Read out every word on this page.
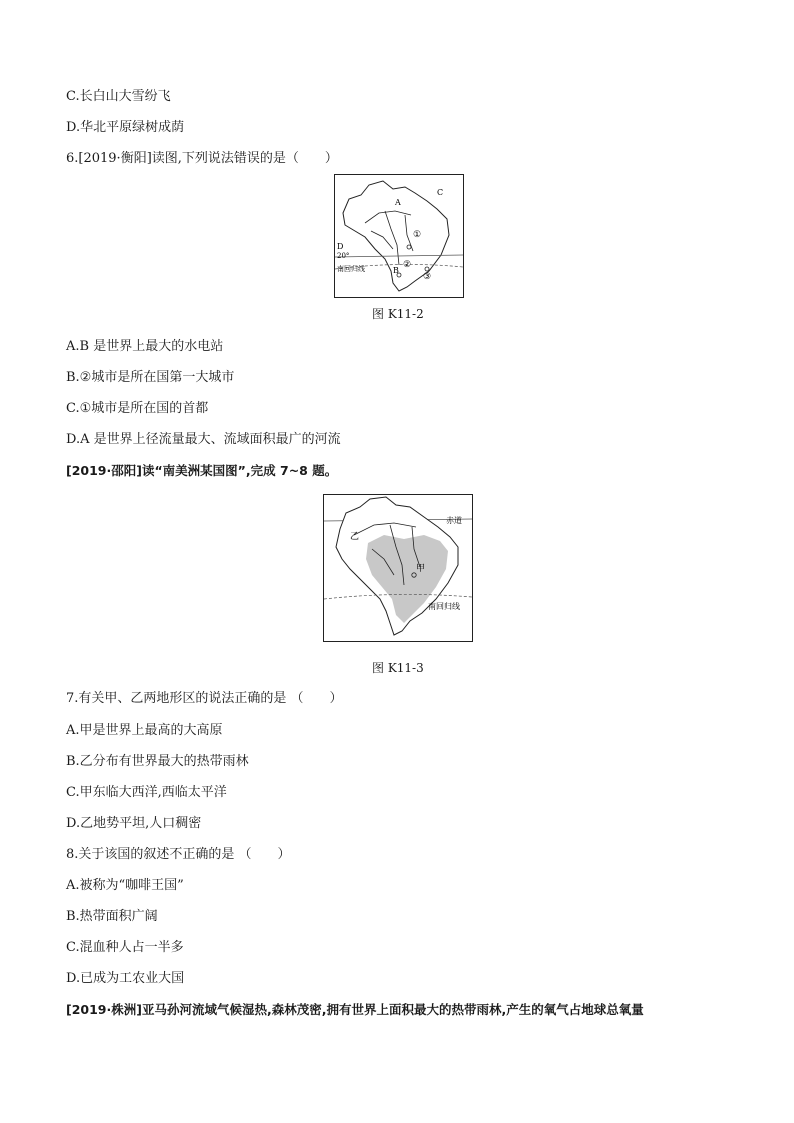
C.长白山大雪纷飞
D.华北平原绿树成荫
6.[2019·衡阳]读图,下列说法错误的是（　　）
A
C
D
20°
南回归线	B
①
②
③
图 K11-2
A.B 是世界上最大的水电站
B.②城市是所在国第一大城市
C.①城市是所在国的首都
D.A 是世界上径流量最大、流域面积最广的河流
[2019·邵阳]读“南美洲某国图”,完成 7~8 题。
赤道
乙
甲
南回归线
图 K11-3
7.有关甲、乙两地形区的说法正确的是 （　　）
A.甲是世界上最高的大高原
B.乙分布有世界最大的热带雨林
C.甲东临大西洋,西临太平洋
D.乙地势平坦,人口稠密
8.关于该国的叙述不正确的是 （　　）
A.被称为“咖啡王国”
B.热带面积广阔
C.混血种人占一半多
D.已成为工农业大国
[2019·株洲]亚马孙河流域气候湿热,森林茂密,拥有世界上面积最大的热带雨林,产生的氧气占地球总氧量
